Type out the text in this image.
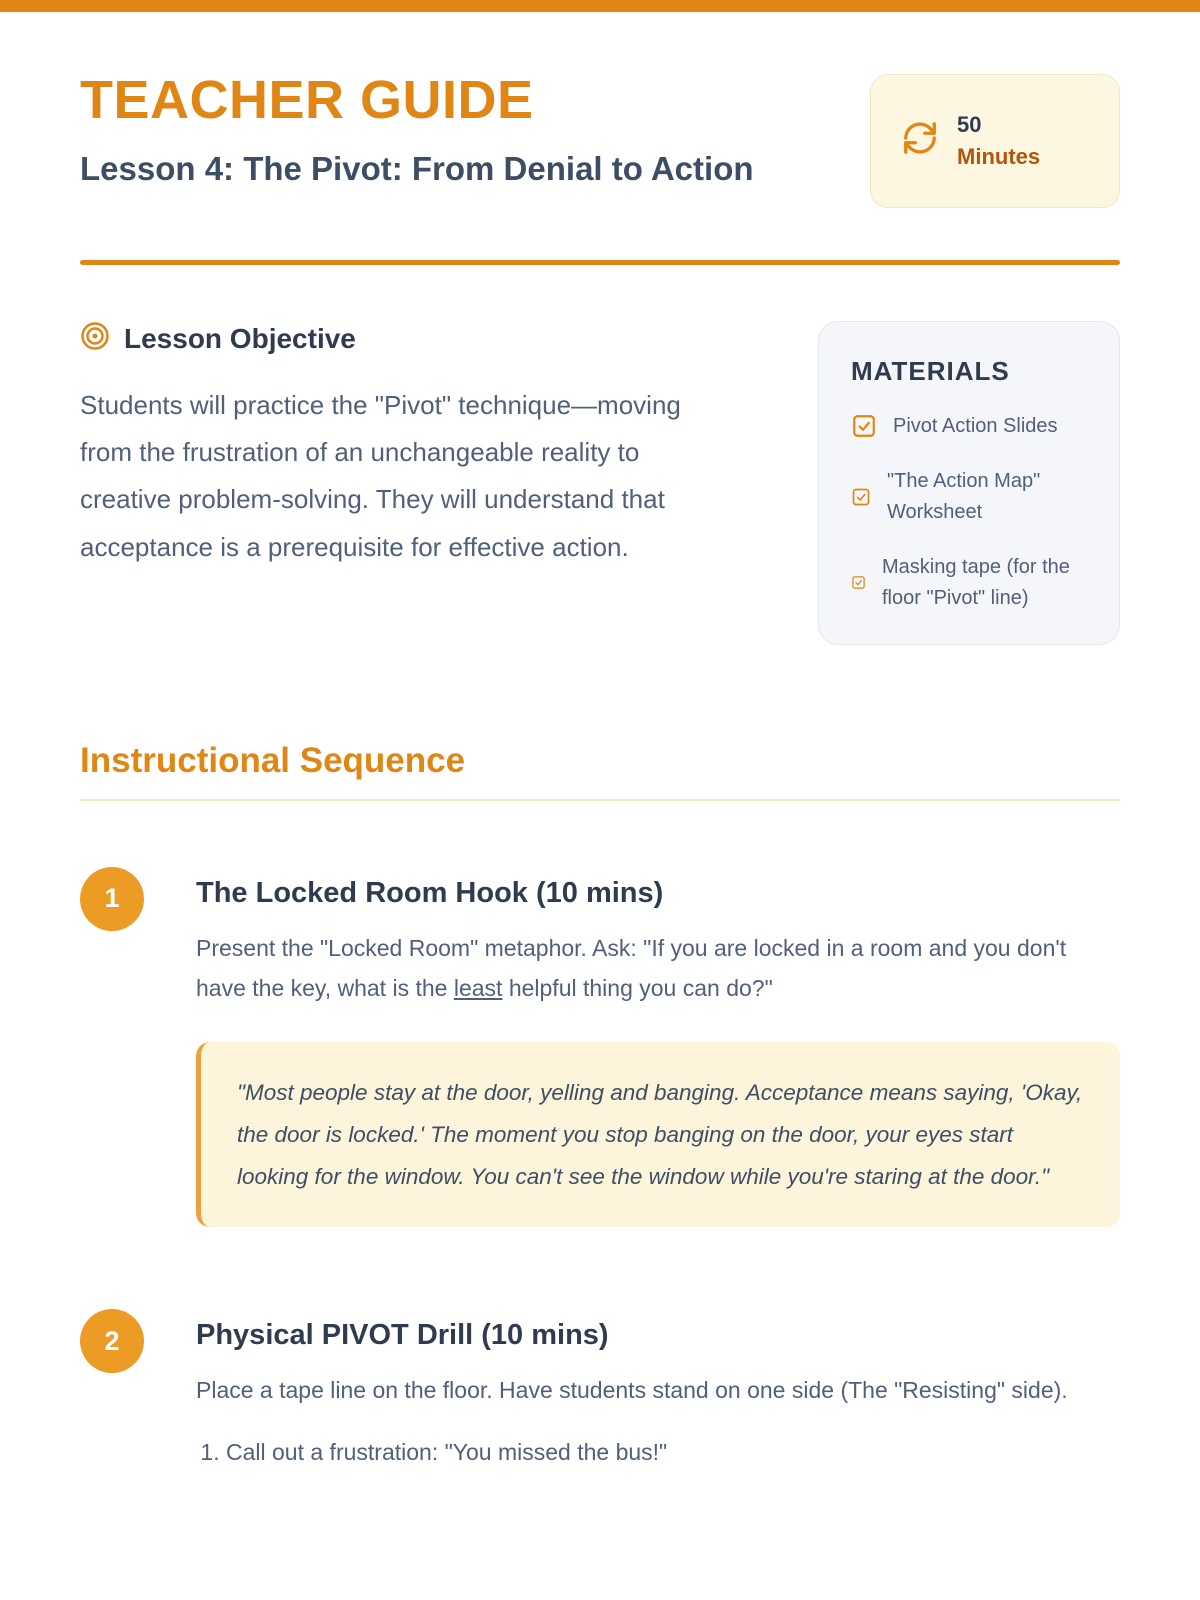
TEACHER GUIDE
Lesson 4: The Pivot: From Denial to Action
50
Minutes
Lesson Objective

Students will practice the "Pivot" technique—moving from the frustration of an unchangeable reality to creative problem-solving. They will understand that acceptance is a prerequisite for effective action.

MATERIALS
Pivot Action Slides
"The Action Map" Worksheet
Masking tape (for the floor "Pivot" line)
Instructional Sequence
1	The Locked Room Hook (10 mins)

Present the "Locked Room" metaphor. Ask: "If you are locked in a room and you don't have the key, what is the least helpful thing you can do?"

"Most people stay at the door, yelling and banging. Acceptance means saying, 'Okay, the door is locked.' The moment you stop banging on the door, your eyes start looking for the window. You can't see the window while you're staring at the door."
2	Physical PIVOT Drill (10 mins)

Place a tape line on the floor. Have students stand on one side (The "Resisting" side).

1. Call out a frustration: "You missed the bus!"
